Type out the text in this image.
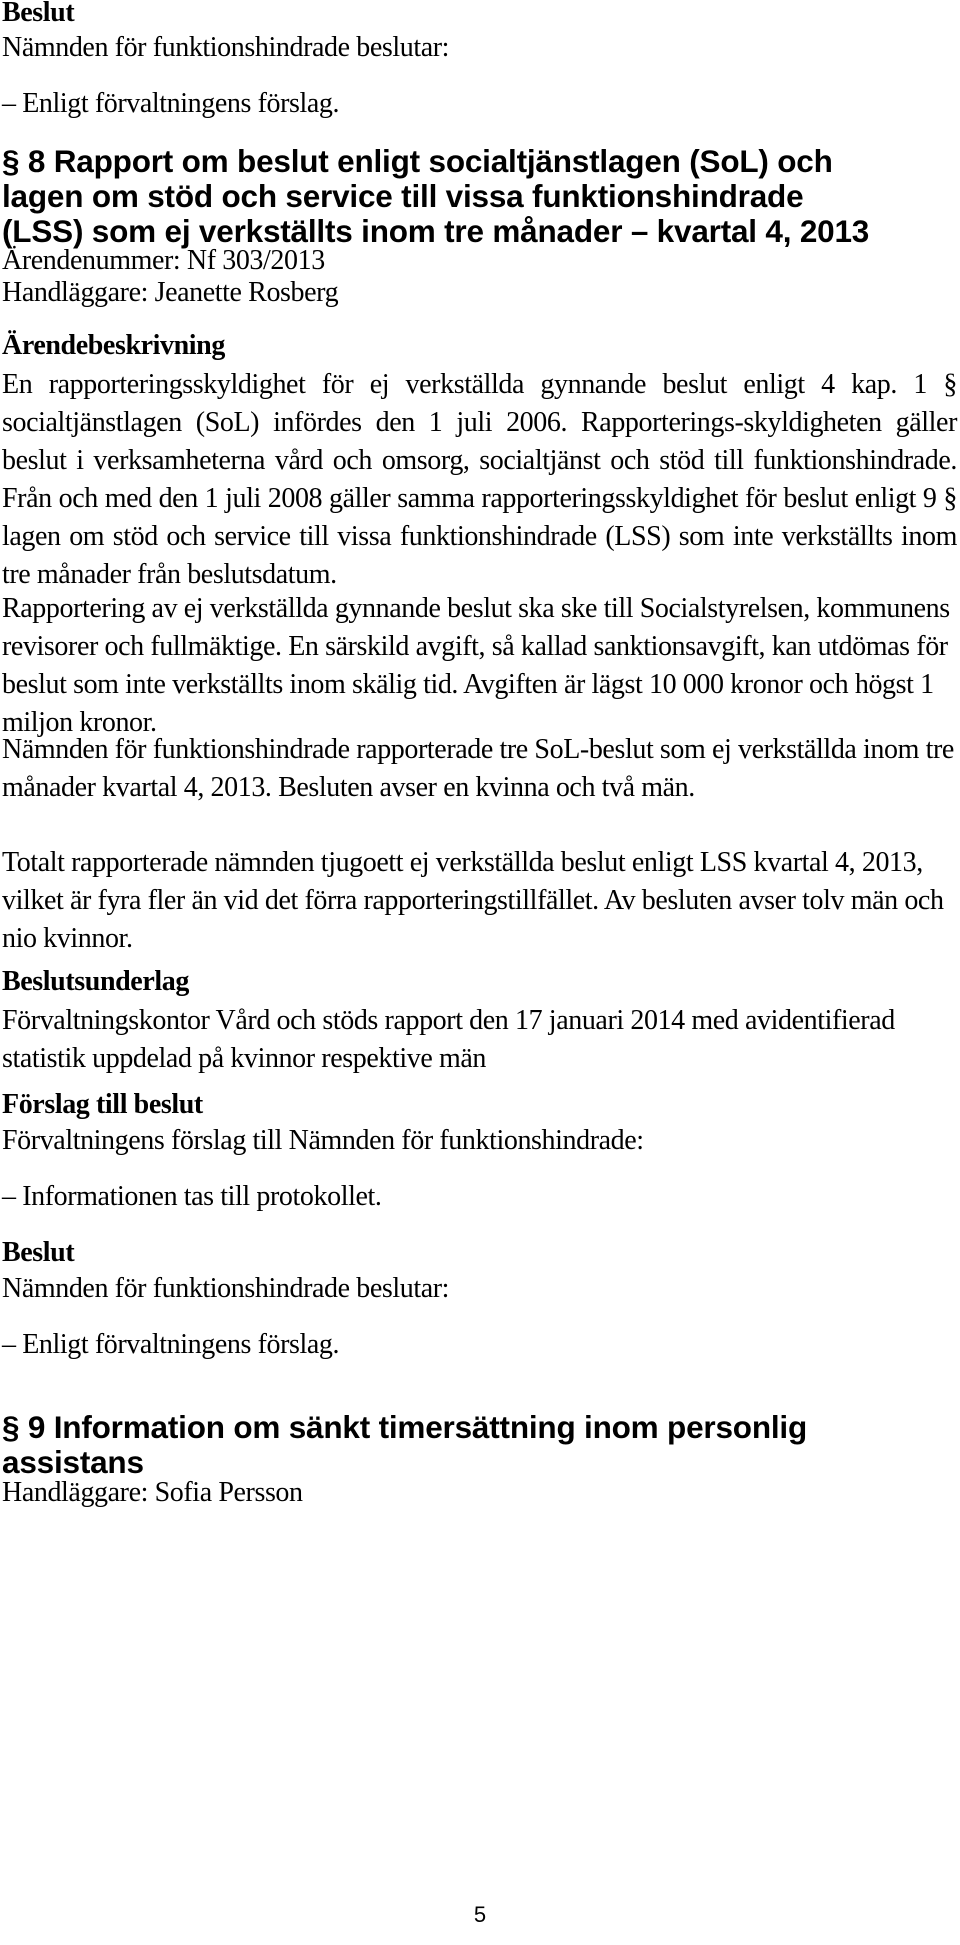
Beslut
Nämnden för funktionshindrade beslutar:
– Enligt förvaltningens förslag.
§ 8 Rapport om beslut enligt socialtjänstlagen (SoL) och
lagen om stöd och service till vissa funktionshindrade
(LSS) som ej verkställts inom tre månader – kvartal 4, 2013
Ärendenummer: Nf 303/2013
Handläggare: Jeanette Rosberg
Ärendebeskrivning
En rapporteringsskyldighet för ej verkställda gynnande beslut enligt 4 kap. 1 § socialtjänstlagen (SoL) infördes den 1 juli 2006. Rapporterings-skyldigheten gäller beslut i verksamheterna vård och omsorg, socialtjänst och stöd till funktionshindrade. Från och med den 1 juli 2008 gäller samma rapporteringsskyldighet för beslut enligt 9 § lagen om stöd och service till vissa funktionshindrade (LSS) som inte verkställts inom tre månader från beslutsdatum.
Rapportering av ej verkställda gynnande beslut ska ske till Socialstyrelsen, kommunens revisorer och fullmäktige. En särskild avgift, så kallad sanktionsavgift, kan utdömas för beslut som inte verkställts inom skälig tid. Avgiften är lägst 10 000 kronor och högst 1 miljon kronor.
Nämnden för funktionshindrade rapporterade tre SoL-beslut som ej verkställda inom tre månader kvartal 4, 2013. Besluten avser en kvinna och två män.
Totalt rapporterade nämnden tjugoett ej verkställda beslut enligt LSS kvartal 4, 2013, vilket är fyra fler än vid det förra rapporteringstillfället. Av besluten avser tolv män och nio kvinnor.
Beslutsunderlag
Förvaltningskontor Vård och stöds rapport den 17 januari 2014 med avidentifierad statistik uppdelad på kvinnor respektive män
Förslag till beslut
Förvaltningens förslag till Nämnden för funktionshindrade:
– Informationen tas till protokollet.
Beslut
Nämnden för funktionshindrade beslutar:
– Enligt förvaltningens förslag.
§ 9 Information om sänkt timersättning inom personlig
assistans
Handläggare: Sofia Persson
5
